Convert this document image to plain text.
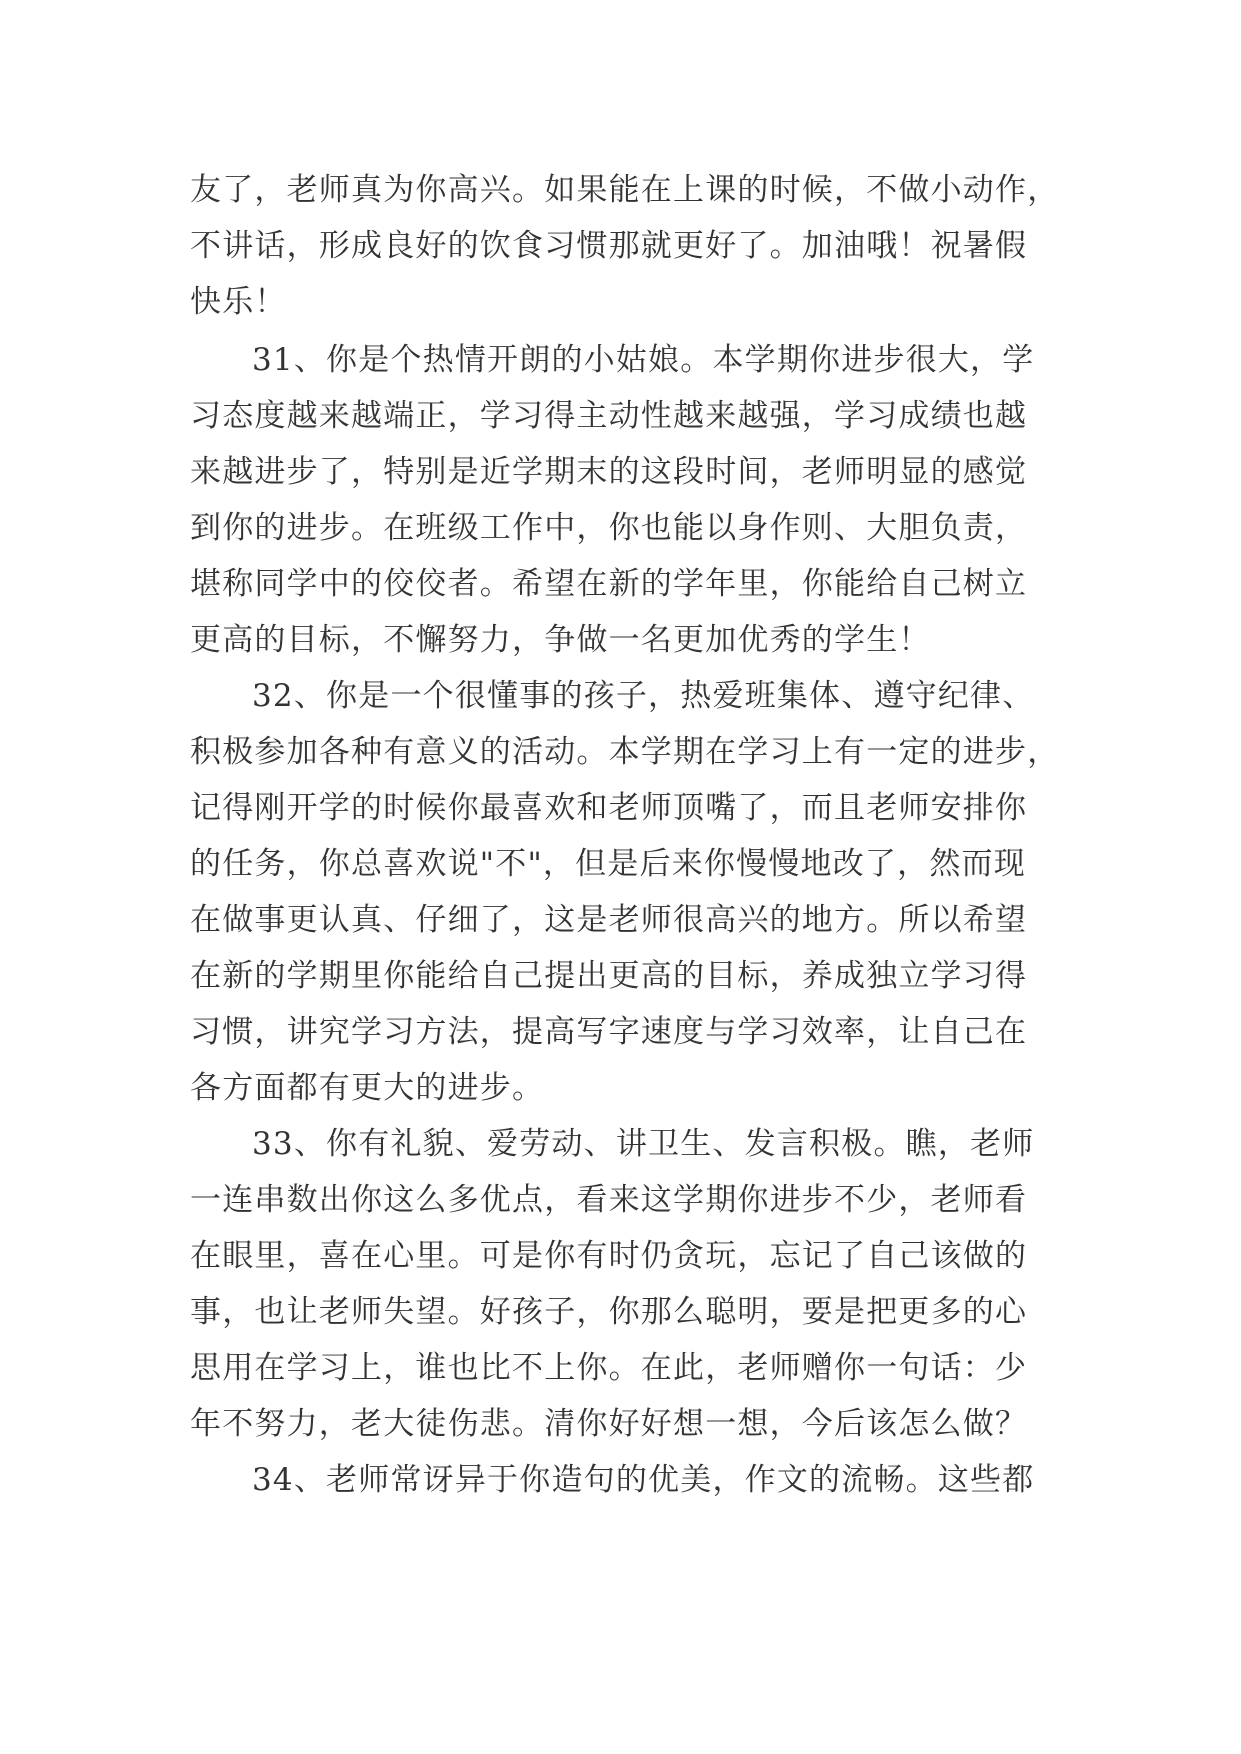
友了，老师真为你高兴。如果能在上课的时候，不做小动作，
不讲话，形成良好的饮食习惯那就更好了。加油哦！祝暑假
快乐！
31、你是个热情开朗的小姑娘。本学期你进步很大，学
习态度越来越端正，学习得主动性越来越强，学习成绩也越
来越进步了，特别是近学期末的这段时间，老师明显的感觉
到你的进步。在班级工作中，你也能以身作则、大胆负责，
堪称同学中的佼佼者。希望在新的学年里，你能给自己树立
更高的目标，不懈努力，争做一名更加优秀的学生！
32、你是一个很懂事的孩子，热爱班集体、遵守纪律、
积极参加各种有意义的活动。本学期在学习上有一定的进步，
记得刚开学的时候你最喜欢和老师顶嘴了，而且老师安排你
的任务，你总喜欢说"不"，但是后来你慢慢地改了，然而现
在做事更认真、仔细了，这是老师很高兴的地方。所以希望
在新的学期里你能给自己提出更高的目标，养成独立学习得
习惯，讲究学习方法，提高写字速度与学习效率，让自己在
各方面都有更大的进步。
33、你有礼貌、爱劳动、讲卫生、发言积极。瞧，老师
一连串数出你这么多优点，看来这学期你进步不少，老师看
在眼里，喜在心里。可是你有时仍贪玩，忘记了自己该做的
事，也让老师失望。好孩子，你那么聪明，要是把更多的心
思用在学习上，谁也比不上你。在此，老师赠你一句话：少
年不努力，老大徒伤悲。清你好好想一想，今后该怎么做？
34、老师常讶异于你造句的优美，作文的流畅。这些都
